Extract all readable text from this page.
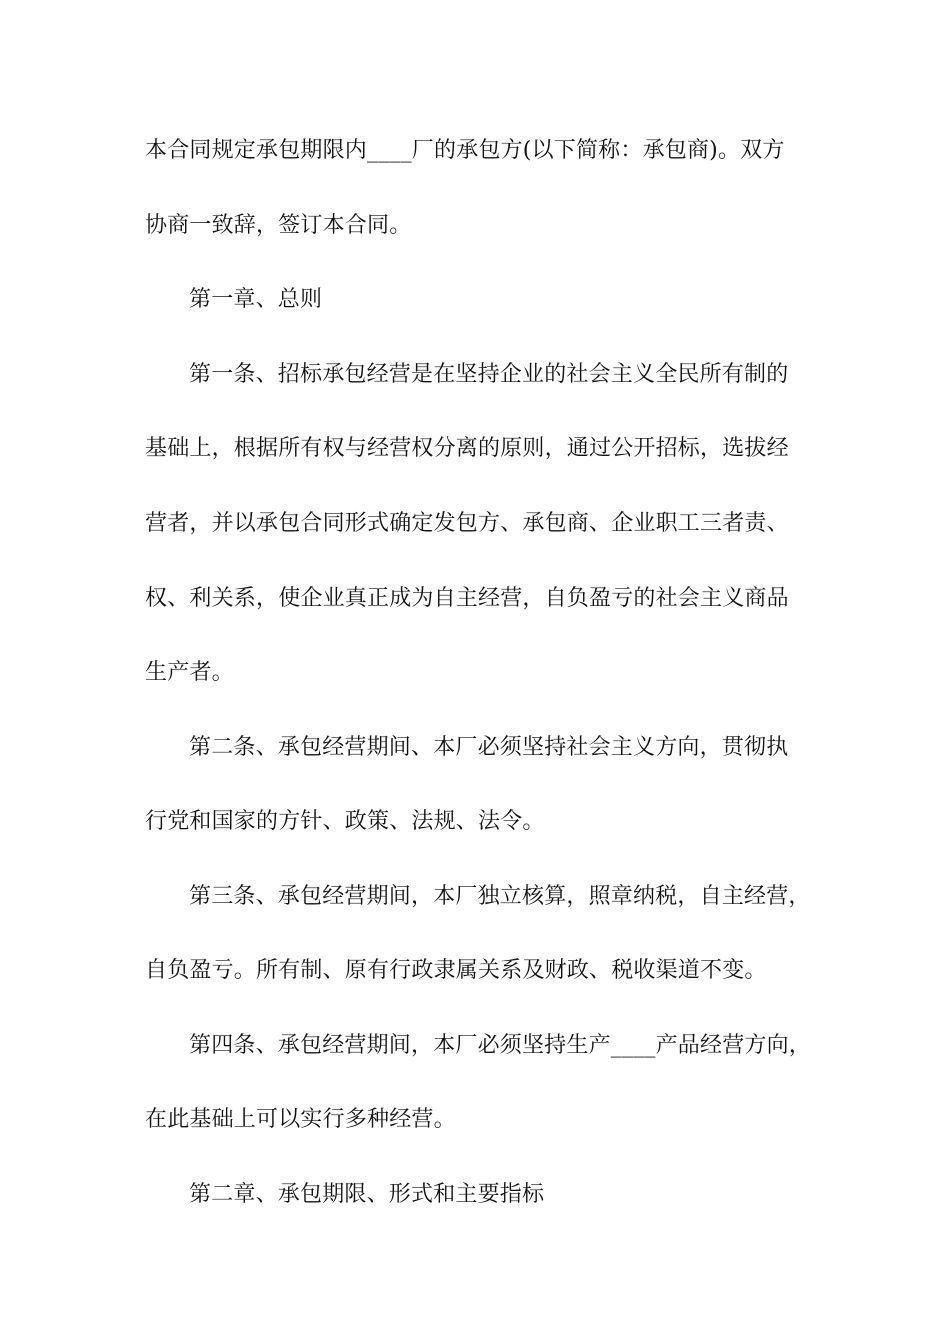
本合同规定承包期限内____厂的承包方(以下简称：承包商)。双方
协商一致辞，签订本合同。
第一章、总则
第一条、招标承包经营是在坚持企业的社会主义全民所有制的
基础上，根据所有权与经营权分离的原则，通过公开招标，选拔经
营者，并以承包合同形式确定发包方、承包商、企业职工三者责、
权、利关系，使企业真正成为自主经营，自负盈亏的社会主义商品
生产者。
第二条、承包经营期间、本厂必须坚持社会主义方向，贯彻执
行党和国家的方针、政策、法规、法令。
第三条、承包经营期间，本厂独立核算，照章纳税，自主经营，
自负盈亏。所有制、原有行政隶属关系及财政、税收渠道不变。
第四条、承包经营期间，本厂必须坚持生产____产品经营方向，
在此基础上可以实行多种经营。
第二章、承包期限、形式和主要指标
